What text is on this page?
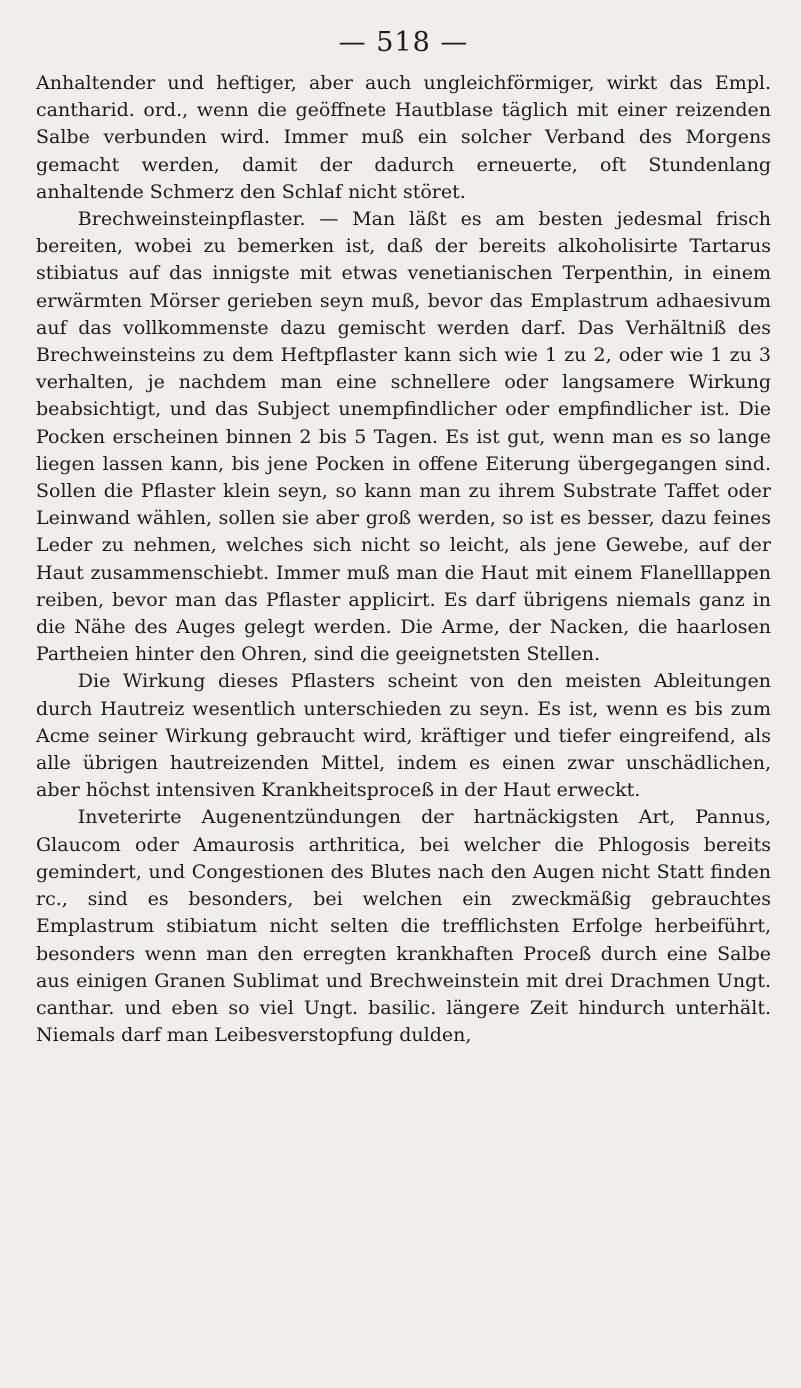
— 518 —

Anhaltender und heftiger, aber auch ungleichförmiger, wirkt das Empl. cantharid. ord., wenn die geöffnete Hautblase täglich mit einer reizenden Salbe verbunden wird. Immer muß ein solcher Verband des Morgens gemacht werden, damit der dadurch erneuerte, oft Stundenlang anhaltende Schmerz den Schlaf nicht störet.

Brechweinsteinpflaster. — Man läßt es am besten jedesmal frisch bereiten, wobei zu bemerken ist, daß der bereits alkoholisirte Tartarus stibiatus auf das innigste mit etwas venetianischen Terpenthin, in einem erwärmten Mörser gerieben seyn muß, bevor das Emplastrum adhaesivum auf das vollkommenste dazu gemischt werden darf. Das Verhältniß des Brechweinsteins zu dem Heftpflaster kann sich wie 1 zu 2, oder wie 1 zu 3 verhalten, je nachdem man eine schnellere oder langsamere Wirkung beabsichtigt, und das Subject unempfindlicher oder empfindlicher ist. Die Pocken erscheinen binnen 2 bis 5 Tagen. Es ist gut, wenn man es so lange liegen lassen kann, bis jene Pocken in offene Eiterung übergegangen sind. Sollen die Pflaster klein seyn, so kann man zu ihrem Substrate Taffet oder Leinwand wählen, sollen sie aber groß werden, so ist es besser, dazu feines Leder zu nehmen, welches sich nicht so leicht, als jene Gewebe, auf der Haut zusammenschiebt. Immer muß man die Haut mit einem Flanelllappen reiben, bevor man das Pflaster applicirt. Es darf übrigens niemals ganz in die Nähe des Auges gelegt werden. Die Arme, der Nacken, die haarlosen Partheien hinter den Ohren, sind die geeignetsten Stellen.

Die Wirkung dieses Pflasters scheint von den meisten Ableitungen durch Hautreiz wesentlich unterschieden zu seyn. Es ist, wenn es bis zum Acme seiner Wirkung gebraucht wird, kräftiger und tiefer eingreifend, als alle übrigen hautreizenden Mittel, indem es einen zwar unschädlichen, aber höchst intensiven Krankheitsproceß in der Haut erweckt.

Inveterirte Augenentzündungen der hartnäckigsten Art, Pannus, Glaucom oder Amaurosis arthritica, bei welcher die Phlogosis bereits gemindert, und Congestionen des Blutes nach den Augen nicht Statt finden rc., sind es besonders, bei welchen ein zweckmäßig gebrauchtes Emplastrum stibiatum nicht selten die trefflichsten Erfolge herbeiführt, besonders wenn man den erregten krankhaften Proceß durch eine Salbe aus einigen Granen Sublimat und Brechweinstein mit drei Drachmen Ungt. canthar. und eben so viel Ungt. basilic. längere Zeit hindurch unterhält. Niemals darf man Leibesverstopfung dulden,
